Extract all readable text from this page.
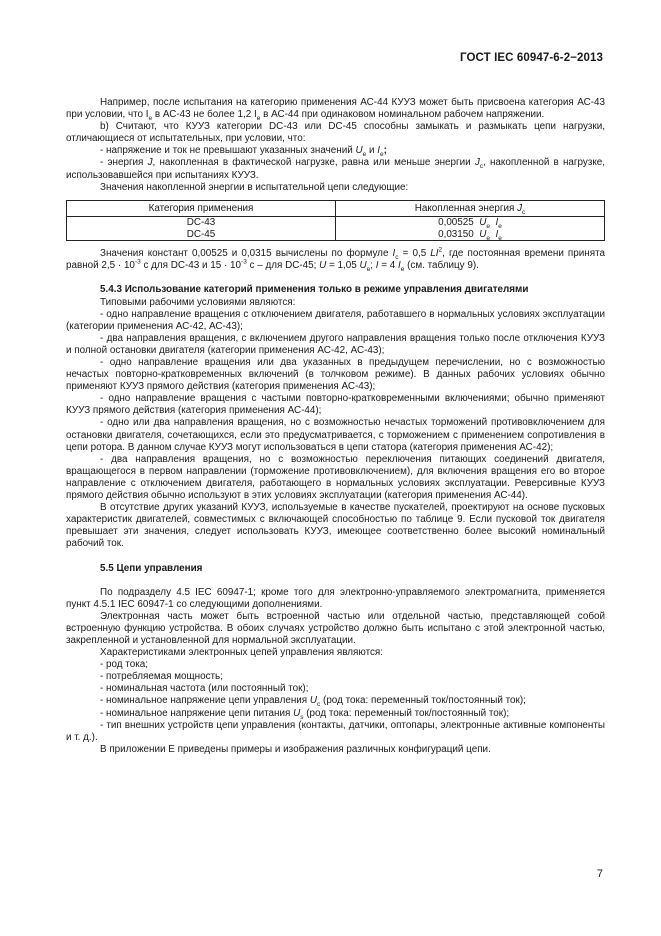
ГОСТ IEC 60947-6-2−2013

Например, после испытания на категорию применения АС-44 КУУЗ может быть присвоена категория АС-43 при условии, что $I_е$ в АС-43 не более 1,2 $I_е$ в АС-44 при одинаковом номинальном рабочем напряжении.

b) Считают, что КУУЗ категории DC-43 или DC-45 способны замыкать и размыкать цепи нагрузки, отличающиеся от испытательных, при условии, что:

- напряжение и ток не превышают указанных значений $U_е$ и $I_е$;

- энергия J, накопленная в фактической нагрузке, равна или меньше энергии $J_c$, накопленной в нагрузке, использовавшейся при испытаниях КУУЗ.

Значения накопленной энергии в испытательной цепи следующие:

Категория применения	Накопленная энергия $J_c$
DC-43	0,00525 $U_е$ $I_е$
DC-45	0,03150 $U_е$ $I_е$

Значения констант 0,00525 и 0,0315 вычислены по формуле $I_c = 0,5$ $LI^2$, где постоянная времени принята равной $2,5 \cdot 10^{-3}$ с для DC-43 и $15 \cdot 10^{-3}$ с – для DC-45; U = 1,05 $U_е$; I = 4 $I_е$ (см. таблицу 9).

5.4.3 Использование категорий применения только в режиме управления двигателями

Типовыми рабочими условиями являются:

- одно направление вращения с отключением двигателя, работавшего в нормальных условиях эксплуатации (категории применения АС-42, АС-43);

- два направления вращения, с включением другого направления вращения только после отключения КУУЗ и полной остановки двигателя (категории применения АС-42, АС-43);

- одно направление вращения или два указанных в предыдущем перечислении, но с возможностью нечастых повторно-кратковременных включений (в толчковом режиме). В данных рабочих условиях обычно применяют КУУЗ прямого действия (категория применения АС-43);

- одно направление вращения с частыми повторно-кратковременными включениями; обычно применяют КУУЗ прямого действия (категория применения АС-44);

- одно или два направления вращения, но с возможностью нечастых торможений противовключением для остановки двигателя, сочетающихся, если это предусматривается, с торможением с применением сопротивления в цепи ротора. В данном случае КУУЗ могут использоваться в цепи статора (категория применения АС-42);

- два направления вращения, но с возможностью переключения питающих соединений двигателя, вращающегося в первом направлении (торможение противовключением), для включения вращения его во второе направление с отключением двигателя, работающего в нормальных условиях эксплуатации. Реверсивные КУУЗ прямого действия обычно используют в этих условиях эксплуатации (категория применения АС-44).

В отсутствие других указаний КУУЗ, используемые в качестве пускателей, проектируют на основе пусковых характеристик двигателей, совместимых с включающей способностью по таблице 9. Если пусковой ток двигателя превышает эти значения, следует использовать КУУЗ, имеющее соответственно более высокий номинальный рабочий ток.

5.5 Цепи управления

По подразделу 4.5 IEC 60947-1; кроме того для электронно-управляемого электромагнита, применяется пункт 4.5.1 IEC 60947-1 со следующими дополнениями.

Электронная часть может быть встроенной частью или отдельной частью, представляющей собой встроенную функцию устройства. В обоих случаях устройство должно быть испытано с этой электронной частью, закрепленной и установленной для нормальной эксплуатации.

Характеристиками электронных цепей управления являются:

- род тока;

- потребляемая мощность;

- номинальная частота (или постоянный ток);

- номинальное напряжение цепи управления $U_c$ (род тока: переменный ток/постоянный ток);

- номинальное напряжение цепи питания $U_s$ (род тока: переменный ток/постоянный ток);

- тип внешних устройств цепи управления (контакты, датчики, оптопары, электронные активные компоненты и т. д.).

В приложении Е приведены примеры и изображения различных конфигураций цепи.

7
